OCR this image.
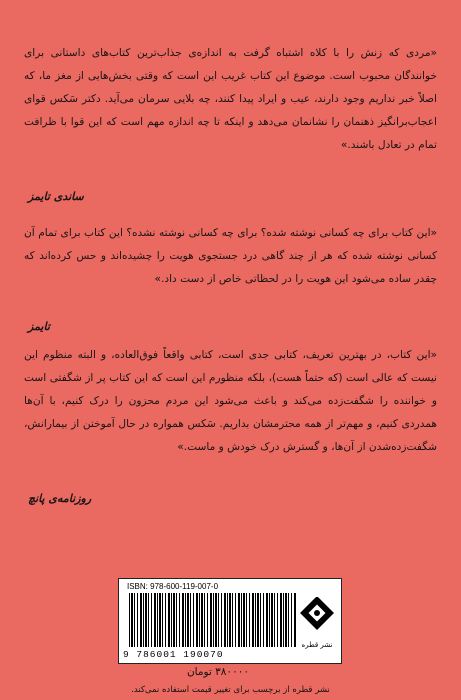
«مردی که زنش را با کلاه اشتباه گرفت به اندازه‌ی جذاب‌ترین کتاب‌های داستانی برای خوانندگان محبوب است. موضوع این کتاب غریب این است که وقتی بخش‌هایی از مغز ما، که اصلاً خبر نداریم وجود دارند، عیب و ایراد پیدا کنند، چه بلایی سرمان می‌آید. دکتر سَکس قوای اعجاب‌برانگیز ذهنمان را نشانمان می‌دهد و اینکه تا چه اندازه مهم است که این قوا با ظرافت تمام در تعادل باشند.»

ساندی تایمز

«این کتاب برای چه کسانی نوشته شده؟ برای چه کسانی نوشته نشده؟ این کتاب برای تمام آن کسانی نوشته شده که هر از چند گاهی درد جستجوی هویت را چشیده‌اند و حس کرده‌اند که چقدر ساده می‌شود این هویت را در لحظاتی خاص از دست داد.»

تایمز

«این کتاب، در بهترین تعریف، کتابی جدی است، کتابی واقعاً فوق‌العاده، و البته منظوم این نیست که عالی است (که حتماً هست)، بلکه منظورم این است که این کتاب پر از شگفتی است و خواننده را شگفت‌زده می‌کند و باعث می‌شود این مردم محزون را درک کنیم، با آن‌ها همدردی کنیم، و مهم‌تر از همه محترمشان بداریم. سَکس همواره در حال آموختن از بیمارانش، شگفت‌زده‌شدن از آن‌ها، و گسترش درک خودش و ماست.»

روزنامه‌ی پانچ
ISBN: 978-600-119-007-0
9 786001 190070
نشر قطره
۳۸۰۰۰۰ تومان
نشر قطره از برچسب برای تغییر قیمت استفاده نمی‌کند.
